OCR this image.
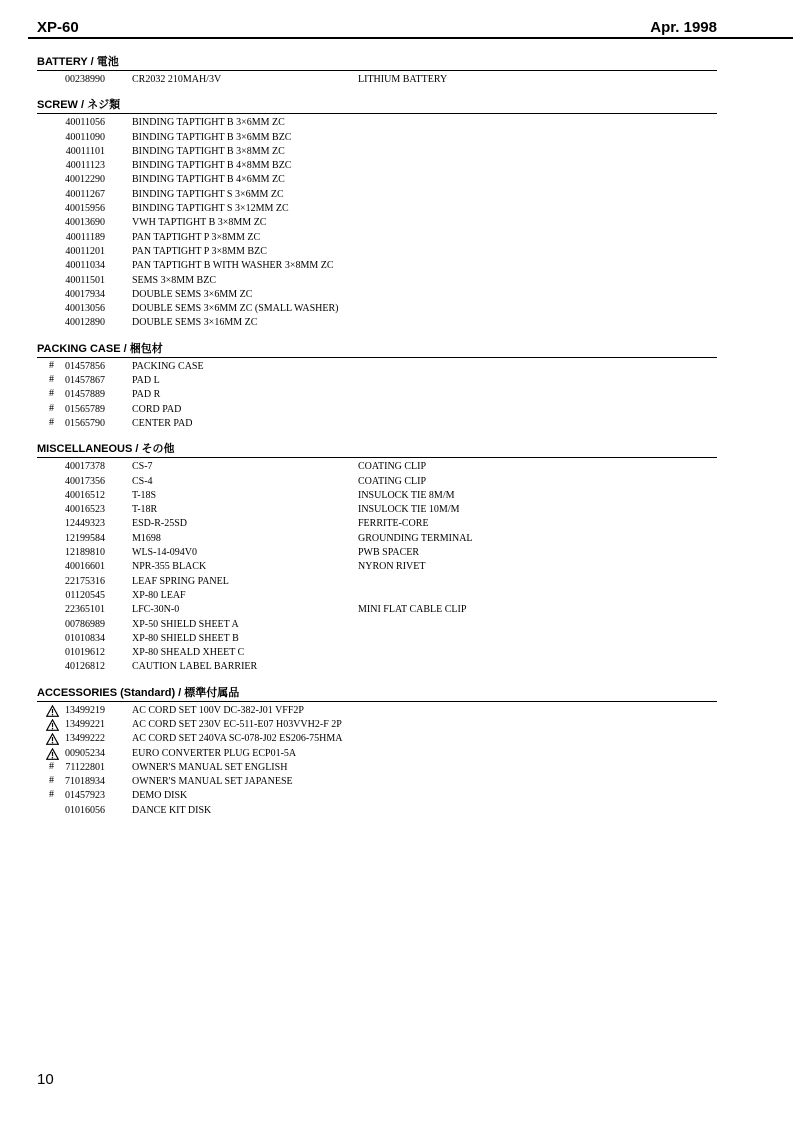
XP-60	Apr. 1998
BATTERY / 電池
00238990	CR2032 210MAH/3V	LITHIUM BATTERY
SCREW / ネジ類
40011056	BINDING TAPTIGHT B 3×6MM ZC
40011090	BINDING TAPTIGHT B 3×6MM BZC
40011101	BINDING TAPTIGHT B 3×8MM ZC
40011123	BINDING TAPTIGHT B 4×8MM BZC
40012290	BINDING TAPTIGHT B 4×6MM ZC
40011267	BINDING TAPTIGHT S 3×6MM ZC
40015956	BINDING TAPTIGHT S 3×12MM ZC
40013690	VWH TAPTIGHT B 3×8MM ZC
40011189	PAN TAPTIGHT P 3×8MM ZC
40011201	PAN TAPTIGHT P 3×8MM BZC
40011034	PAN TAPTIGHT B WITH WASHER 3×8MM ZC
40011501	SEMS 3×8MM BZC
40017934	DOUBLE SEMS 3×6MM ZC
40013056	DOUBLE SEMS 3×6MM ZC (SMALL WASHER)
40012890	DOUBLE SEMS 3×16MM ZC
PACKING CASE / 梱包材
#	01457856	PACKING CASE
#	01457867	PAD L
#	01457889	PAD R
#	01565789	CORD PAD
#	01565790	CENTER PAD
MISCELLANEOUS / その他
40017378	CS-7	COATING CLIP
40017356	CS-4	COATING CLIP
40016512	T-18S	INSULOCK TIE 8M/M
40016523	T-18R	INSULOCK TIE 10M/M
12449323	ESD-R-25SD	FERRITE-CORE
12199584	M1698	GROUNDING TERMINAL
12189810	WLS-14-094V0	PWB SPACER
40016601	NPR-355 BLACK	NYRON RIVET
22175316	LEAF SPRING PANEL
01120545	XP-80 LEAF
22365101	LFC-30N-0	MINI FLAT CABLE CLIP
00786989	XP-50 SHIELD SHEET A
01010834	XP-80 SHIELD SHEET B
01019612	XP-80 SHEALD XHEET C
40126812	CAUTION LABEL BARRIER
ACCESSORIES (Standard) / 標準付属品
13499219	AC CORD SET 100V DC-382-J01 VFF2P
13499221	AC CORD SET 230V EC-511-E07 H03VVH2-F 2P
13499222	AC CORD SET 240VA SC-078-J02 ES206-75HMA
00905234	EURO CONVERTER PLUG ECP01-5A
#	71122801	OWNER'S MANUAL SET ENGLISH
#	71018934	OWNER'S MANUAL SET JAPANESE
#	01457923	DEMO DISK
01016056	DANCE KIT DISK
10
